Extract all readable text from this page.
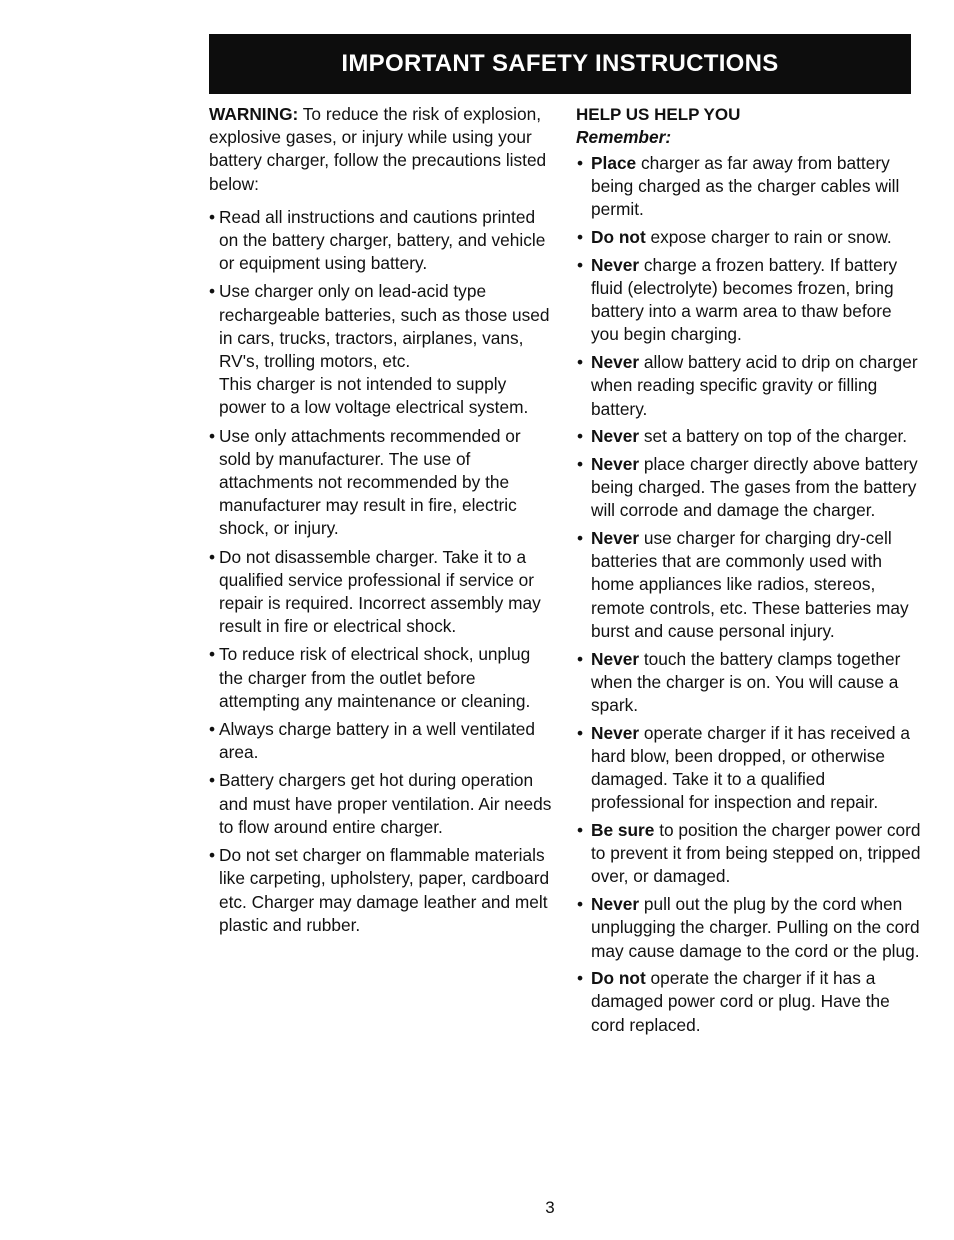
IMPORTANT SAFETY INSTRUCTIONS

WARNING: To reduce the risk of explosion, explosive gases, or injury while using your battery charger, follow the precautions listed below:

• Read all instructions and cautions printed on the battery charger, battery, and vehicle or equipment using battery.
• Use charger only on lead-acid type rechargeable batteries, such as those used in cars, trucks, tractors, airplanes, vans, RV's, trolling motors, etc.
This charger is not intended to supply power to a low voltage electrical system.
• Use only attachments recommended or sold by manufacturer. The use of attachments not recommended by the manufacturer may result in fire, electric shock, or injury.
• Do not disassemble charger. Take it to a qualified service professional if service or repair is required. Incorrect assembly may result in fire or electrical shock.
• To reduce risk of electrical shock, unplug the charger from the outlet before attempting any maintenance or cleaning.
• Always charge battery in a well ventilated area.
• Battery chargers get hot during operation and must have proper ventilation. Air needs to flow around entire charger.
• Do not set charger on flammable materials like carpeting, upholstery, paper, cardboard etc. Charger may damage leather and melt plastic and rubber.
HELP US HELP YOU

Remember:

• Place charger as far away from battery being charged as the charger cables will permit.
• Do not expose charger to rain or snow.
• Never charge a frozen battery. If battery fluid (electrolyte) becomes frozen, bring battery into a warm area to thaw before you begin charging.
• Never allow battery acid to drip on charger when reading specific gravity or filling battery.
• Never set a battery on top of the charger.
• Never place charger directly above battery being charged. The gases from the battery will corrode and damage the charger.
• Never use charger for charging dry-cell batteries that are commonly used with home appliances like radios, stereos, remote controls, etc. These batteries may burst and cause personal injury.
• Never touch the battery clamps together when the charger is on. You will cause a spark.
• Never operate charger if it has received a hard blow, been dropped, or otherwise damaged. Take it to a qualified professional for inspection and repair.
• Be sure to position the charger power cord to prevent it from being stepped on, tripped over, or damaged.
• Never pull out the plug by the cord when unplugging the charger. Pulling on the cord may cause damage to the cord or the plug.
• Do not operate the charger if it has a damaged power cord or plug. Have the cord replaced.
3
